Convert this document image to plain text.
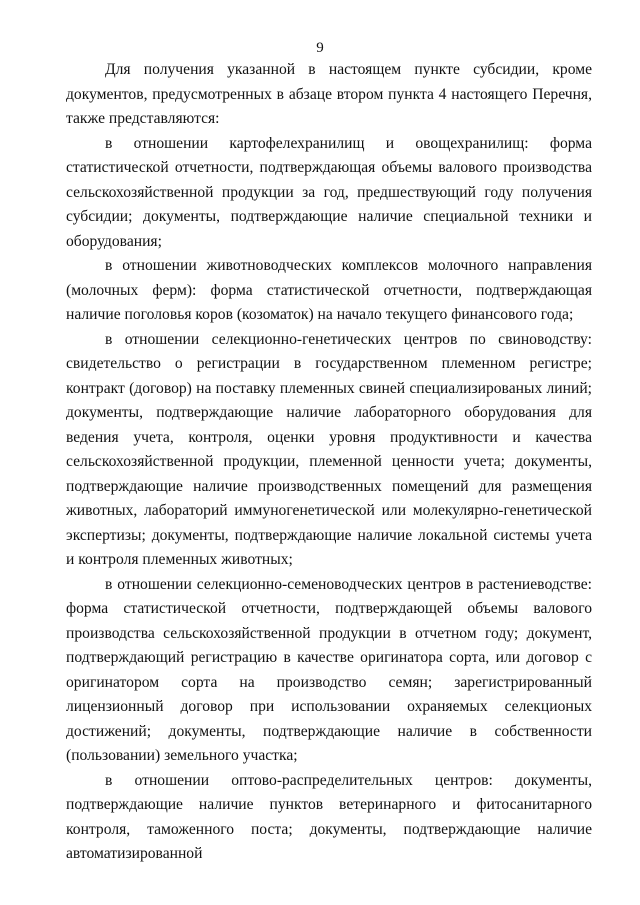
9

Для получения указанной в настоящем пункте субсидии, кроме документов, предусмотренных в абзаце втором пункта 4 настоящего Перечня, также представляются:

в отношении картофелехранилищ и овощехранилищ: форма статистической отчетности, подтверждающая объемы валового производства сельскохозяйственной продукции за год, предшествующий году получения субсидии; документы, подтверждающие наличие специальной техники и оборудования;

в отношении животноводческих комплексов молочного направления (молочных ферм): форма статистической отчетности, подтверждающая наличие поголовья коров (козоматок) на начало текущего финансового года;

в отношении селекционно-генетических центров по свиноводству: свидетельство о регистрации в государственном племенном регистре; контракт (договор) на поставку племенных свиней специализированых линий; документы, подтверждающие наличие лабораторного оборудования для ведения учета, контроля, оценки уровня продуктивности и качества сельскохозяйственной продукции, племенной ценности учета; документы, подтверждающие наличие производственных помещений для размещения животных, лабораторий иммуногенетической или молекулярно-генетической экспертизы; документы, подтверждающие наличие локальной системы учета и контроля племенных животных;

в отношении селекционно-семеноводческих центров в растениеводстве: форма статистической отчетности, подтверждающей объемы валового производства сельскохозяйственной продукции в отчетном году; документ, подтверждающий регистрацию в качестве оригинатора сорта, или договор с оригинатором сорта на производство семян; зарегистрированный лицензионный договор при использовании охраняемых селекционых достижений; документы, подтверждающие наличие в собственности (пользовании) земельного участка;

в отношении оптово-распределительных центров: документы, подтверждающие наличие пунктов ветеринарного и фитосанитарного контроля, таможенного поста; документы, подтверждающие наличие автоматизированной
